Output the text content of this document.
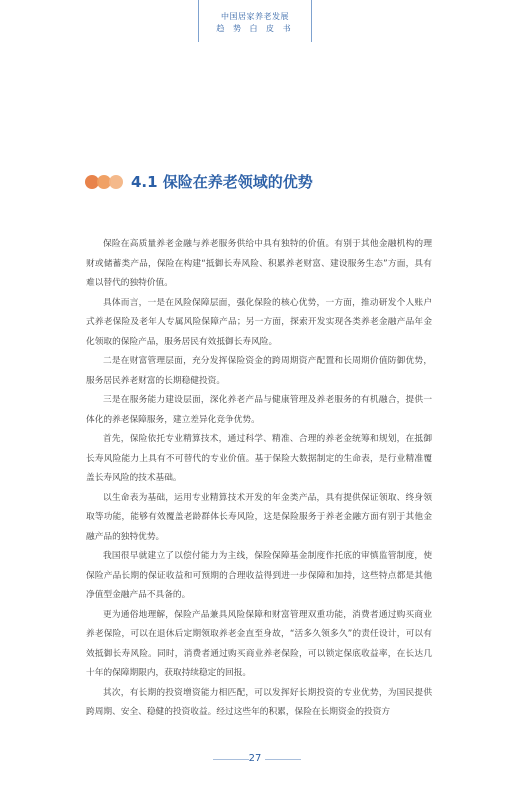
中国居家养老发展
趋 势 白 皮 书
4.1 保险在养老领域的优势

保险在高质量养老金融与养老服务供给中具有独特的价值。有别于其他金融机构的理财或储蓄类产品，保险在构建“抵御长寿风险、积累养老财富、建设服务生态”方面，具有难以替代的独特价值。

具体而言，一是在风险保障层面，强化保险的核心优势，一方面，推动研发个人账户式养老保险及老年人专属风险保障产品；另一方面，探索开发实现各类养老金融产品年金化领取的保险产品，服务居民有效抵御长寿风险。

二是在财富管理层面，充分发挥保险资金的跨周期资产配置和长周期价值防御优势，服务居民养老财富的长期稳健投资。

三是在服务能力建设层面，深化养老产品与健康管理及养老服务的有机融合，提供一体化的养老保障服务，建立差异化竞争优势。

首先，保险依托专业精算技术，通过科学、精准、合理的养老金统筹和规划，在抵御长寿风险能力上具有不可替代的专业价值。基于保险大数据制定的生命表，是行业精准覆盖长寿风险的技术基础。

以生命表为基础，运用专业精算技术开发的年金类产品，具有提供保证领取、终身领取等功能，能够有效覆盖老龄群体长寿风险，这是保险服务于养老金融方面有别于其他金融产品的独特优势。

我国很早就建立了以偿付能力为主线，保险保障基金制度作托底的审慎监管制度，使保险产品长期的保证收益和可预期的合理收益得到进一步保障和加持，这些特点都是其他净值型金融产品不具备的。

更为通俗地理解，保险产品兼具风险保障和财富管理双重功能，消费者通过购买商业养老保险，可以在退休后定期领取养老金直至身故，“活多久领多久”的责任设计，可以有效抵御长寿风险。同时，消费者通过购买商业养老保险，可以锁定保底收益率，在长达几十年的保障期限内，获取持续稳定的回报。

其次，有长期的投资增资能力相匹配，可以发挥好长期投资的专业优势，为国民提供跨周期、安全、稳健的投资收益。经过这些年的积累，保险在长期资金的投资方

27
